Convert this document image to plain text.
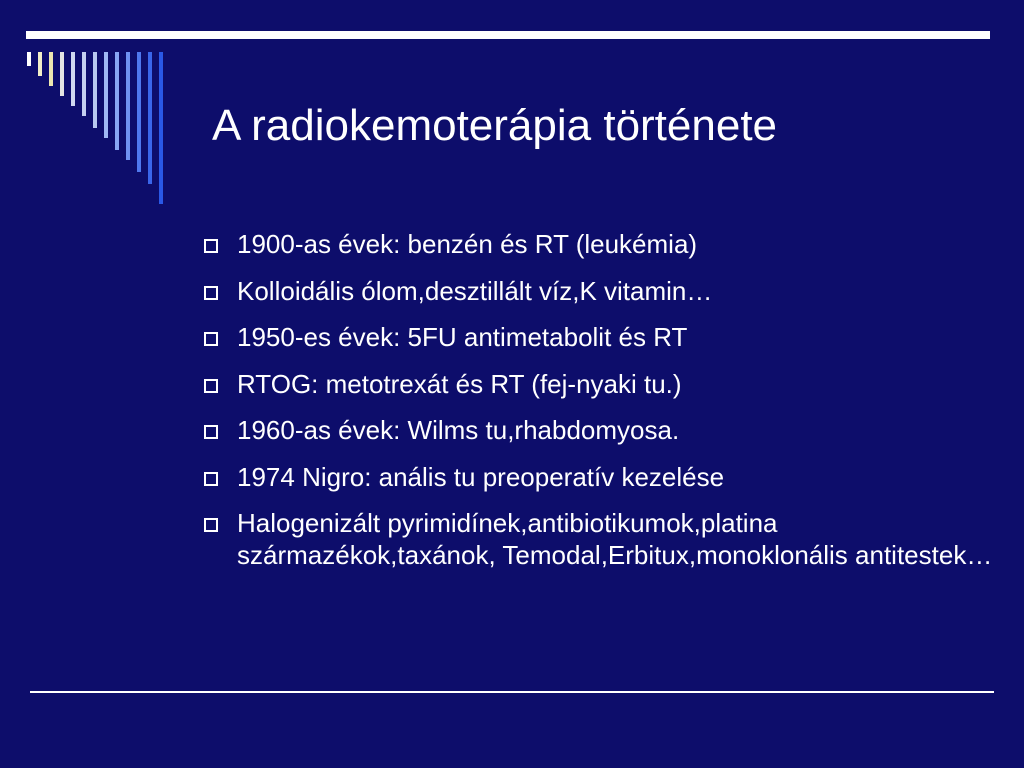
A radiokemoterápia története
1900-as évek: benzén és RT (leukémia)
Kolloidális ólom,desztillált víz,K vitamin…
1950-es évek: 5FU antimetabolit és RT
RTOG: metotrexát és RT (fej-nyaki tu.)
1960-as évek: Wilms tu,rhabdomyosa.
1974 Nigro: anális tu preoperatív kezelése
Halogenizált pyrimidínek,antibiotikumok,platina származékok,taxánok, Temodal,Erbitux,monoklonális antitestek…
